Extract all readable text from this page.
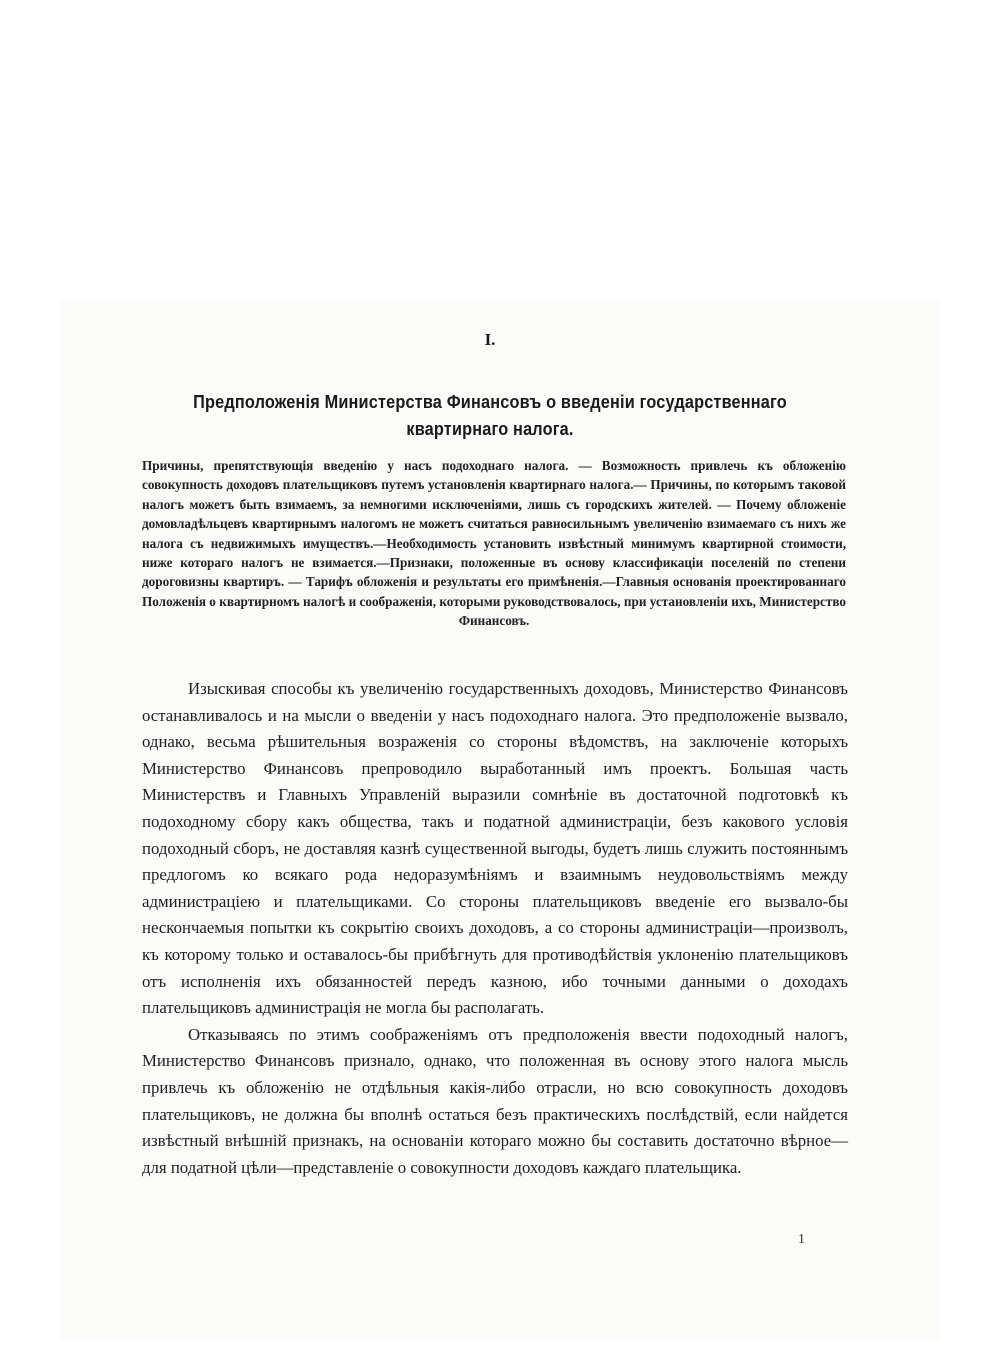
I.
Предположенія Министерства Финансовъ о введеніи государственнаго квартирнаго налога.
Причины, препятствующія введенію у насъ подоходнаго налога. — Возможность привлечь къ обложенію совокупность доходовъ плательщиковъ путемъ установленія квартирнаго налога.— Причины, по которымъ таковой налогъ можетъ быть взимаемъ, за немногими исключеніями, лишь съ городскихъ жителей. — Почему обложеніе домовладѣльцевъ квартирнымъ налогомъ не можетъ считаться равносильнымъ увеличенію взимаемаго съ нихъ же налога съ недвижимыхъ имуществъ.—Необходимость установить извѣстный минимумъ квартирной стоимости, ниже котораго налогъ не взимается.—Признаки, положенные въ основу классификаціи поселеній по степени дороговизны квартиръ. — Тарифъ обложенія и результаты его примѣненія.—Главныя основанія проектированнаго Положенія о квартирномъ налогѣ и соображенія, которыми руководствовалось, при установленіи ихъ, Министерство Финансовъ.

Изыскивая способы къ увеличенію государственныхъ доходовъ, Министерство Финансовъ останавливалось и на мысли о введеніи у насъ подоходнаго налога. Это предположеніе вызвало, однако, весьма рѣшительныя возраженія со стороны вѣдомствъ, на заключеніе которыхъ Министерство Финансовъ препроводило выработанный имъ проектъ. Большая часть Министерствъ и Главныхъ Управленій выразили сомнѣніе въ достаточной подготовкѣ къ подоходному сбору какъ общества, такъ и податной администраціи, безъ какового условія подоходный сборъ, не доставляя казнѣ существенной выгоды, будетъ лишь служить постояннымъ предлогомъ ко всякаго рода недоразумѣніямъ и взаимнымъ неудовольствіямъ между администраціею и плательщиками. Со стороны плательщиковъ введеніе его вызвало-бы нескончаемыя попытки къ сокрытію своихъ доходовъ, а со стороны администраціи—произволъ, къ которому только и оставалось-бы прибѣгнуть для противодѣйствія уклоненію плательщиковъ отъ исполненія ихъ обязанностей передъ казною, ибо точными данными о доходахъ плательщиковъ администрація не могла бы располагать.

Отказываясь по этимъ соображеніямъ отъ предположенія ввести подоходный налогъ, Министерство Финансовъ признало, однако, что положенная въ основу этого налога мысль привлечь къ обложенію не отдѣльныя какія-либо отрасли, но всю совокупность доходовъ плательщиковъ, не должна бы вполнѣ остаться безъ практическихъ послѣдствій, если найдется извѣстный внѣшній признакъ, на основаніи котораго можно бы составить достаточно вѣрное—для податной цѣли—представленіе о совокупности доходовъ каждаго плательщика.

1
